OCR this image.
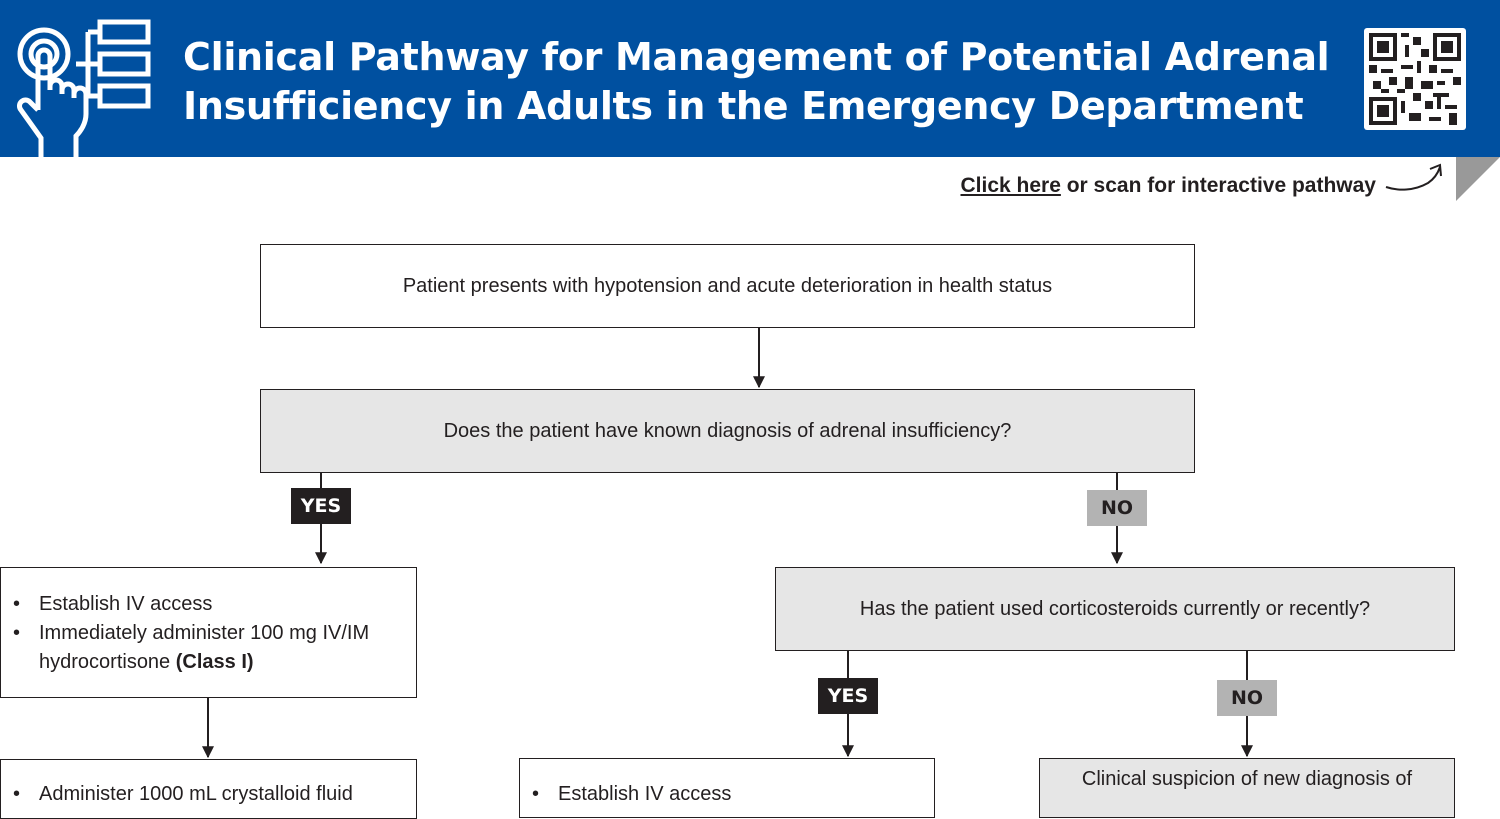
Clinical Pathway for Management of Potential Adrenal
Insufficiency in Adults in the Emergency Department
Click here or scan for interactive pathway
Patient presents with hypotension and acute deterioration in health status
Does the patient have known diagnosis of adrenal insufficiency?
YES	NO
• Establish IV access
• Immediately administer 100 mg IV/IM hydrocortisone (Class I)
Has the patient used corticosteroids currently or recently?
YES	NO
• Administer 1000 mL crystalloid fluid
•	Establish IV access
Clinical suspicion of new diagnosis of
